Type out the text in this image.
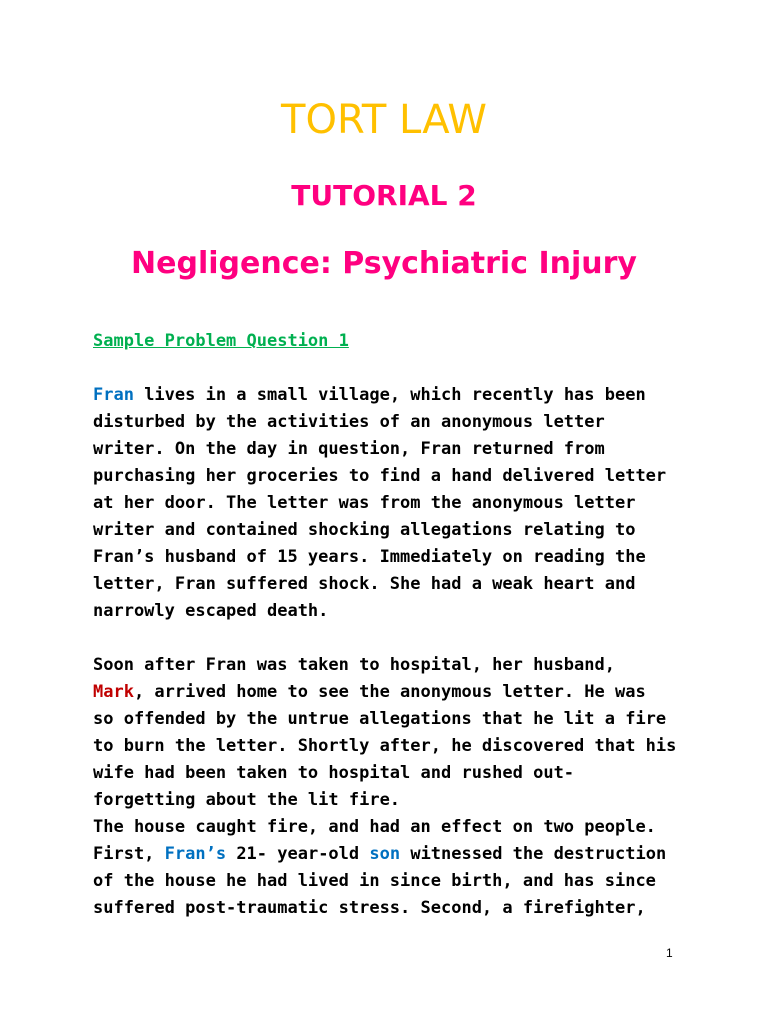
TORT LAW
TUTORIAL 2
Negligence: Psychiatric Injury

Sample Problem Question 1

Fran lives in a small village, which recently has been
disturbed by the activities of an anonymous letter
writer. On the day in question, Fran returned from
purchasing her groceries to find a hand delivered letter
at her door. The letter was from the anonymous letter
writer and contained shocking allegations relating to
Fran’s husband of 15 years. Immediately on reading the
letter, Fran suffered shock. She had a weak heart and
narrowly escaped death.

Soon after Fran was taken to hospital, her husband,
Mark, arrived home to see the anonymous letter. He was
so offended by the untrue allegations that he lit a fire
to burn the letter. Shortly after, he discovered that his
wife had been taken to hospital and rushed out-
forgetting about the lit fire.

The house caught fire, and had an effect on two people.
First, Fran’s 21- year-old son witnessed the destruction
of the house he had lived in since birth, and has since
suffered post-traumatic stress. Second, a firefighter,

1
